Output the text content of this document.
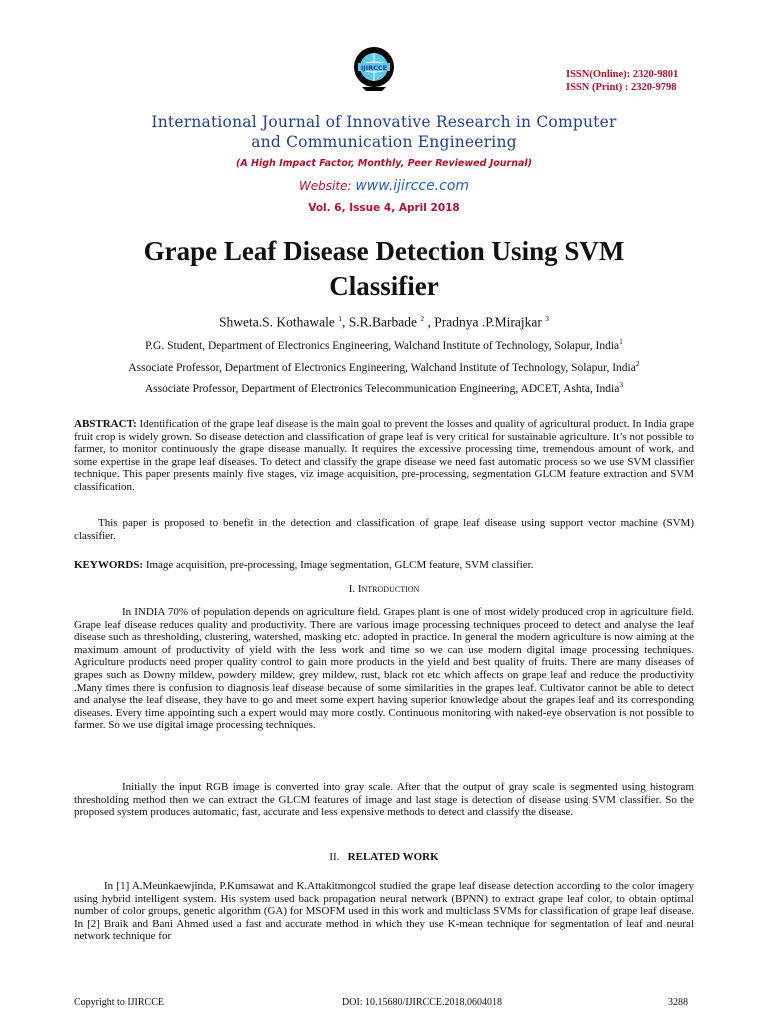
IJIRCCE
ISSN(Online): 2320-9801
ISSN (Print) : 2320-9798
International Journal of Innovative Research in Computer
and Communication Engineering
(A High Impact Factor, Monthly, Peer Reviewed Journal)
Website: www.ijircce.com
Vol. 6, Issue 4, April 2018
Grape Leaf Disease Detection Using SVM
Classifier
Shweta.S. Kothawale $^1$, S.R.Barbade $^2$ , Pradnya .P.Mirajkar $^3$
P.G. Student, Department of Electronics Engineering, Walchand Institute of Technology, Solapur, India$^1$
Associate Professor, Department of Electronics Engineering, Walchand Institute of Technology, Solapur, India$^2$
Associate Professor, Department of Electronics Telecommunication Engineering, ADCET, Ashta, India$^3$
ABSTRACT: Identification of the grape leaf disease is the main goal to prevent the losses and quality of agricultural product. In India grape fruit crop is widely grown. So disease detection and classification of grape leaf is very critical for sustainable agriculture. It’s not possible to farmer, to monitor continuously the grape disease manually. It requires the excessive processing time, tremendous amount of work, and some expertise in the grape leaf diseases. To detect and classify the grape disease we need fast automatic process so we use SVM classifier technique. This paper presents mainly five stages, viz image acquisition, pre-processing, segmentation GLCM feature extraction and SVM classification.
This paper is proposed to benefit in the detection and classification of grape leaf disease using support vector machine (SVM) classifier.
KEYWORDS: Image acquisition, pre-processing, Image segmentation, GLCM feature, SVM classifier.
I. Introduction
In INDIA 70% of population depends on agriculture field. Grapes plant is one of most widely produced crop in agriculture field. Grape leaf disease reduces quality and productivity. There are various image processing techniques proceed to detect and analyse the leaf disease such as thresholding, clustering, watershed, masking etc. adopted in practice. In general the modern agriculture is now aiming at the maximum amount of productivity of yield with the less work and time so we can use modern digital image processing techniques. Agriculture products need proper quality control to gain more products in the yield and best quality of fruits. There are many diseases of grapes such as Downy mildew, powdery mildew, grey mildew, rust, black rot etc which affects on grape leaf and reduce the productivity .Many times there is confusion to diagnosis leaf disease because of some similarities in the grapes leaf. Cultivator cannot be able to detect and analyse the leaf disease, they have to go and meet some expert having superior knowledge about the grapes leaf and its corresponding diseases. Every time appointing such a expert would may more costly. Continuous monitoring with naked-eye observation is not possible to farmer. So we use digital image processing techniques.
Initially the input RGB image is converted into gray scale. After that the output of gray scale is segmented using histogram thresholding method then we can extract the GLCM features of image and last stage is detection of disease using SVM classifier. So the proposed system produces automatic, fast, accurate and less expensive methods to detect and classify the disease.
II. RELATED WORK
In [1] A.Meunkaewjinda, P.Kumsawat and K.Attakitmongcol studied the grape leaf disease detection according to the color imagery using hybrid intelligent system. His system used back propagation neural network (BPNN) to extract grape leaf color, to obtain optimal number of color groups, genetic algorithm (GA) for MSOFM used in this work and multiclass SVMs for classification of grape leaf disease. In [2] Braik and Bani Ahmed used a fast and accurate method in which they use K-mean technique for segmentation of leaf and neural network technique for
Copyright to IJIRCCE	DOI: 10.15680/IJIRCCE.2018.0604018	3288
